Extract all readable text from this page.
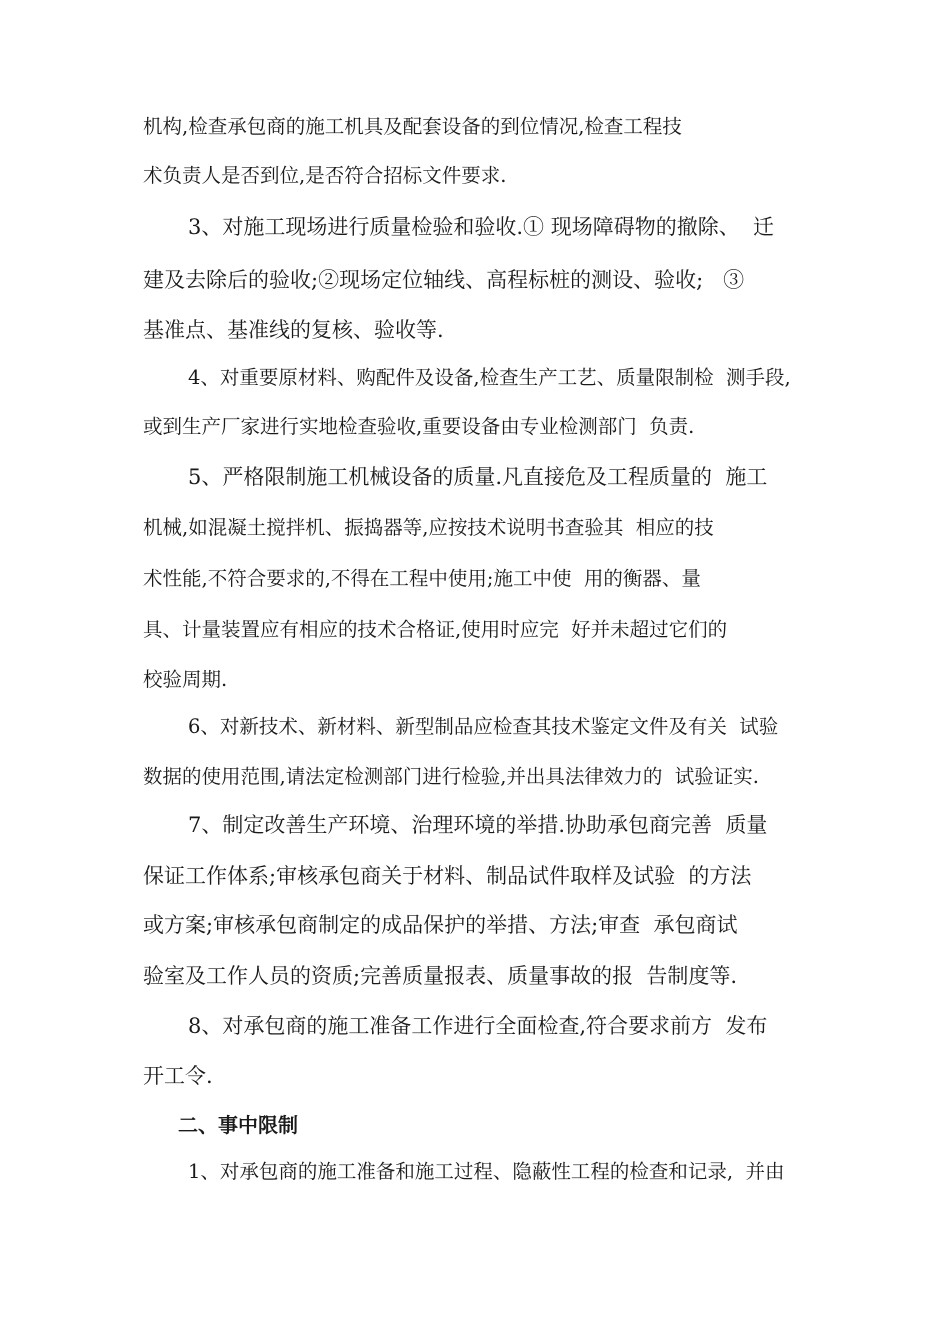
机构,检查承包商的施工机具及配套设备的到位情况,检查工程技
术负责人是否到位,是否符合招标文件要求.
3、对施工现场进行质量检验和验收.① 现场障碍物的撤除、  迁
建及去除后的验收;②现场定位轴线、高程标桩的测设、验收;   ③
基准点、基准线的复核、验收等.
4、对重要原材料、购配件及设备,检查生产工艺、质量限制检  测手段,
或到生产厂家进行实地检查验收,重要设备由专业检测部门  负责.
5、严格限制施工机械设备的质量.凡直接危及工程质量的  施工
机械,如混凝土搅拌机、振捣器等,应按技术说明书查验其  相应的技
术性能,不符合要求的,不得在工程中使用;施工中使  用的衡器、量
具、计量装置应有相应的技术合格证,使用时应完  好并未超过它们的
校验周期.
6、对新技术、新材料、新型制品应检查其技术鉴定文件及有关  试验
数据的使用范围,请法定检测部门进行检验,并出具法律效力的  试验证实.
7、制定改善生产环境、治理环境的举措.协助承包商完善  质量
保证工作体系;审核承包商关于材料、制品试件取样及试验  的方法
或方案;审核承包商制定的成品保护的举措、方法;审查  承包商试
验室及工作人员的资质;完善质量报表、质量事故的报  告制度等.
8、对承包商的施工准备工作进行全面检查,符合要求前方  发布
开工令.
二、事中限制
1、对承包商的施工准备和施工过程、隐蔽性工程的检查和记录,  并由
